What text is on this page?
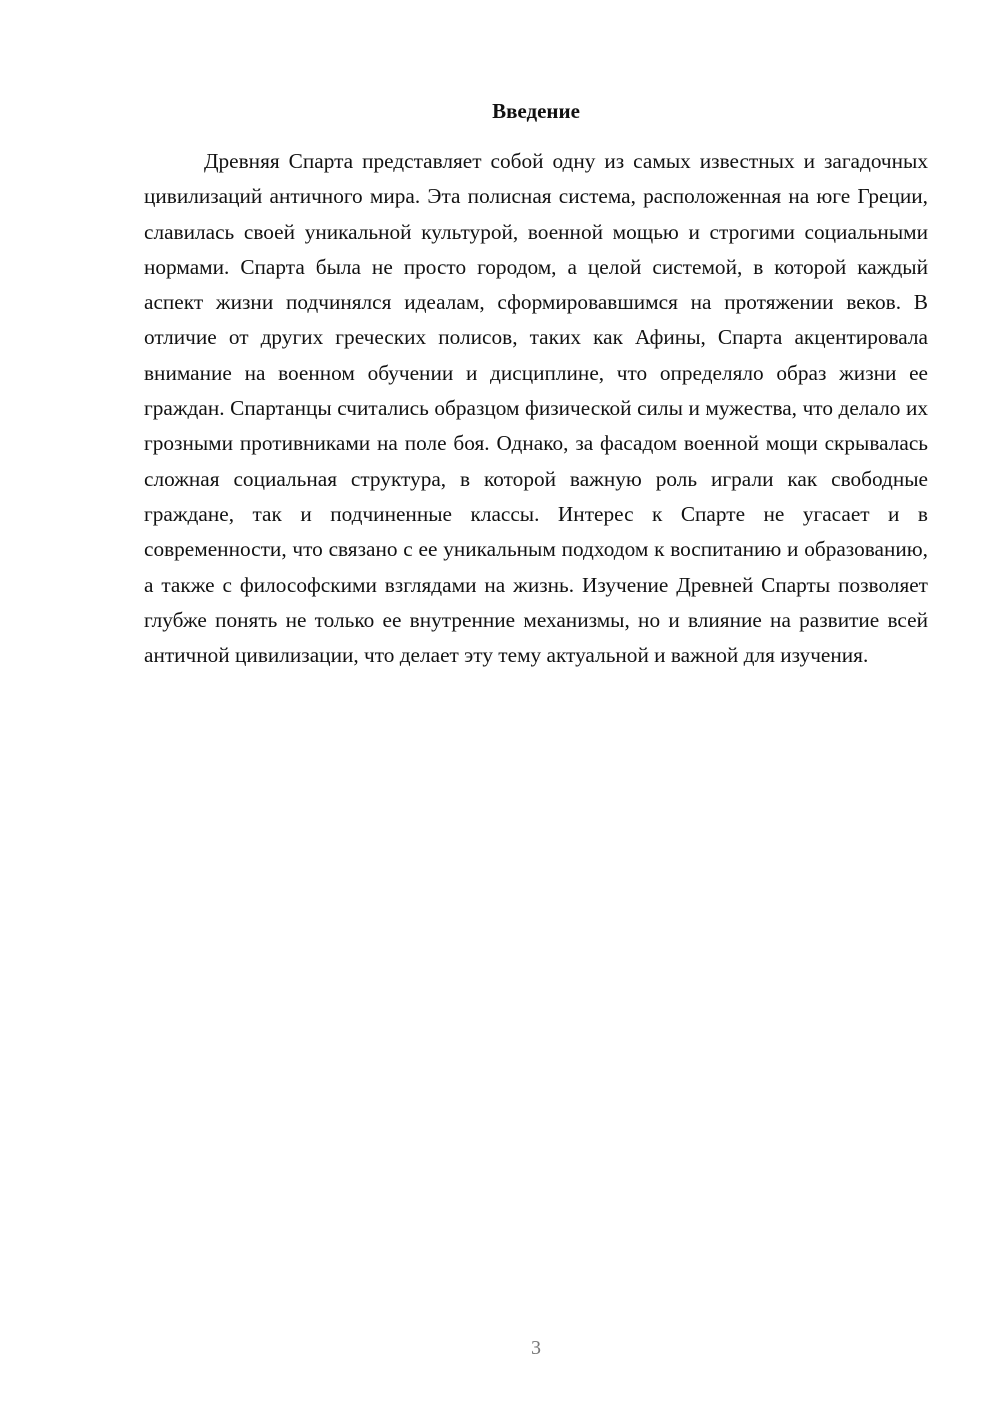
Введение

Древняя Спарта представляет собой одну из самых известных и загадочных цивилизаций античного мира. Эта полисная система, расположенная на юге Греции, славилась своей уникальной культурой, военной мощью и строгими социальными нормами. Спарта была не просто городом, а целой системой, в которой каждый аспект жизни подчинялся идеалам, сформировавшимся на протяжении веков. В отличие от других греческих полисов, таких как Афины, Спарта акцентировала внимание на военном обучении и дисциплине, что определяло образ жизни ее граждан. Спартанцы считались образцом физической силы и мужества, что делало их грозными противниками на поле боя. Однако, за фасадом военной мощи скрывалась сложная социальная структура, в которой важную роль играли как свободные граждане, так и подчиненные классы. Интерес к Спарте не угасает и в современности, что связано с ее уникальным подходом к воспитанию и образованию, а также с философскими взглядами на жизнь. Изучение Древней Спарты позволяет глубже понять не только ее внутренние механизмы, но и влияние на развитие всей античной цивилизации, что делает эту тему актуальной и важной для изучения.

3
